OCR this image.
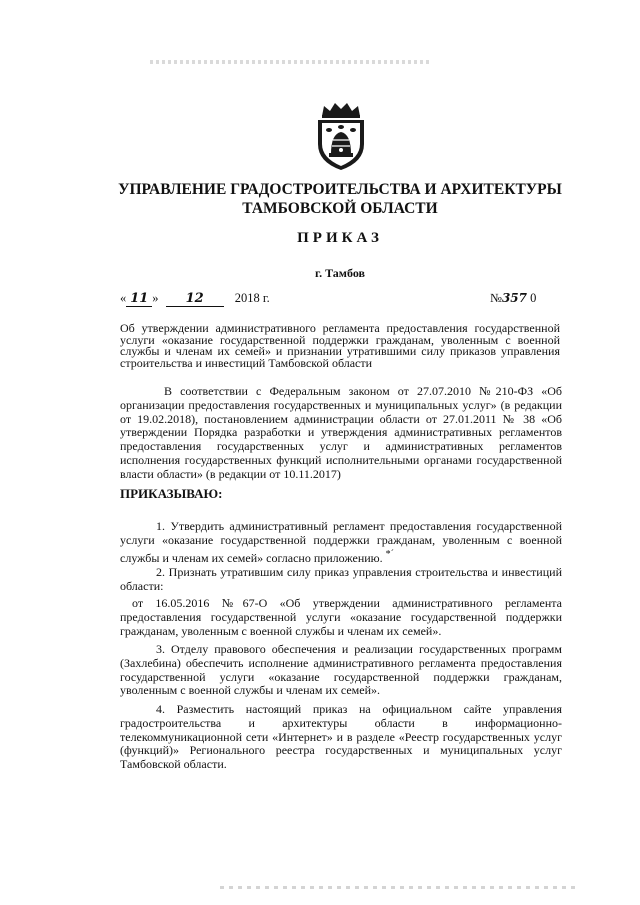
УПРАВЛЕНИЕ ГРАДОСТРОИТЕЛЬСТВА И АРХИТЕКТУРЫ ТАМБОВСКОЙ ОБЛАСТИ
ПРИКАЗ

г. Тамбов

« 11 » 12 2018 г.	№357 0

Об утверждении административного регламента предоставления государственной услуги «оказание государственной поддержки гражданам, уволенным с военной службы и членам их семей» и признании утратившими силу приказов управления строительства и инвестиций Тамбовской области

В соответствии с Федеральным законом от 27.07.2010 №210-ФЗ «Об организации предоставления государственных и муниципальных услуг» (в редакции от 19.02.2018), постановлением администрации области от 27.01.2011 № 38 «Об утверждении Порядка разработки и утверждения административных регламентов предоставления государственных услуг и административных регламентов исполнения государственных функций исполнительными органами государственной власти области» (в редакции от 10.11.2017)

ПРИКАЗЫВАЮ:

1. Утвердить административный регламент предоставления государственной услуги «оказание государственной поддержки гражданам, уволенным с военной службы и членам их семей» согласно приложению. *´

2. Признать утратившим силу приказ управления строительства и инвестиций области:

от 16.05.2016 №67-О «Об утверждении административного регламента предоставления государственной услуги «оказание государственной поддержки гражданам, уволенным с военной службы и членам их семей».

3. Отделу правового обеспечения и реализации государственных программ (Захлебина) обеспечить исполнение административного регламента предоставления государственной услуги «оказание государственной поддержки гражданам, уволенным с военной службы и членам их семей».

4. Разместить настоящий приказ на официальном сайте управления градостроительства и архитектуры области в информационно-телекоммуникационной сети «Интернет» и в разделе «Реестр государственных услуг (функций)» Регионального реестра государственных и муниципальных услуг Тамбовской области.
